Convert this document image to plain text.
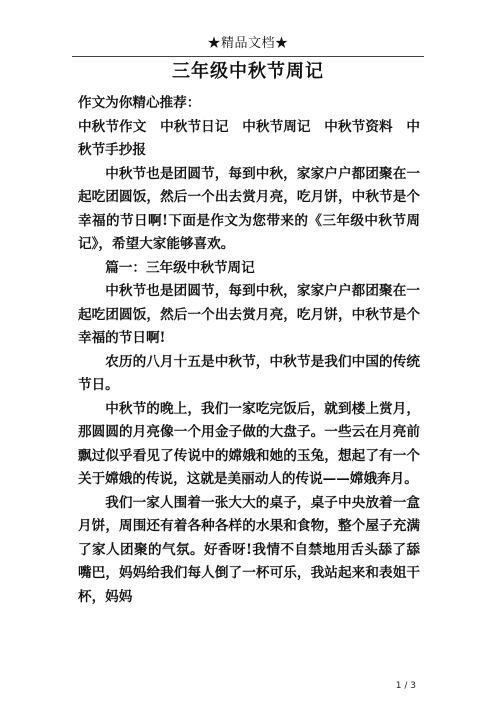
★精品文档★
三年级中秋节周记

作文为你精心推荐：

中秋节作文　中秋节日记　中秋节周记　中秋节资料　中秋节手抄报

中秋节也是团圆节，每到中秋，家家户户都团聚在一起吃团圆饭，然后一个出去赏月亮，吃月饼，中秋节是个幸福的节日啊!下面是作文为您带来的《三年级中秋节周记》，希望大家能够喜欢。

篇一：三年级中秋节周记

中秋节也是团圆节，每到中秋，家家户户都团聚在一起吃团圆饭，然后一个出去赏月亮，吃月饼，中秋节是个幸福的节日啊!

农历的八月十五是中秋节，中秋节是我们中国的传统节日。

中秋节的晚上，我们一家吃完饭后，就到楼上赏月，那圆圆的月亮像一个用金子做的大盘子。一些云在月亮前飘过似乎看见了传说中的嫦娥和她的玉兔，想起了有一个关于嫦娥的传说，这就是美丽动人的传说——嫦娥奔月。

我们一家人围着一张大大的桌子，桌子中央放着一盒月饼，周围还有着各种各样的水果和食物，整个屋子充满了家人团聚的气氛。好香呀!我情不自禁地用舌头舔了舔嘴巴，妈妈给我们每人倒了一杯可乐，我站起来和表姐干杯，妈妈

1 / 3
